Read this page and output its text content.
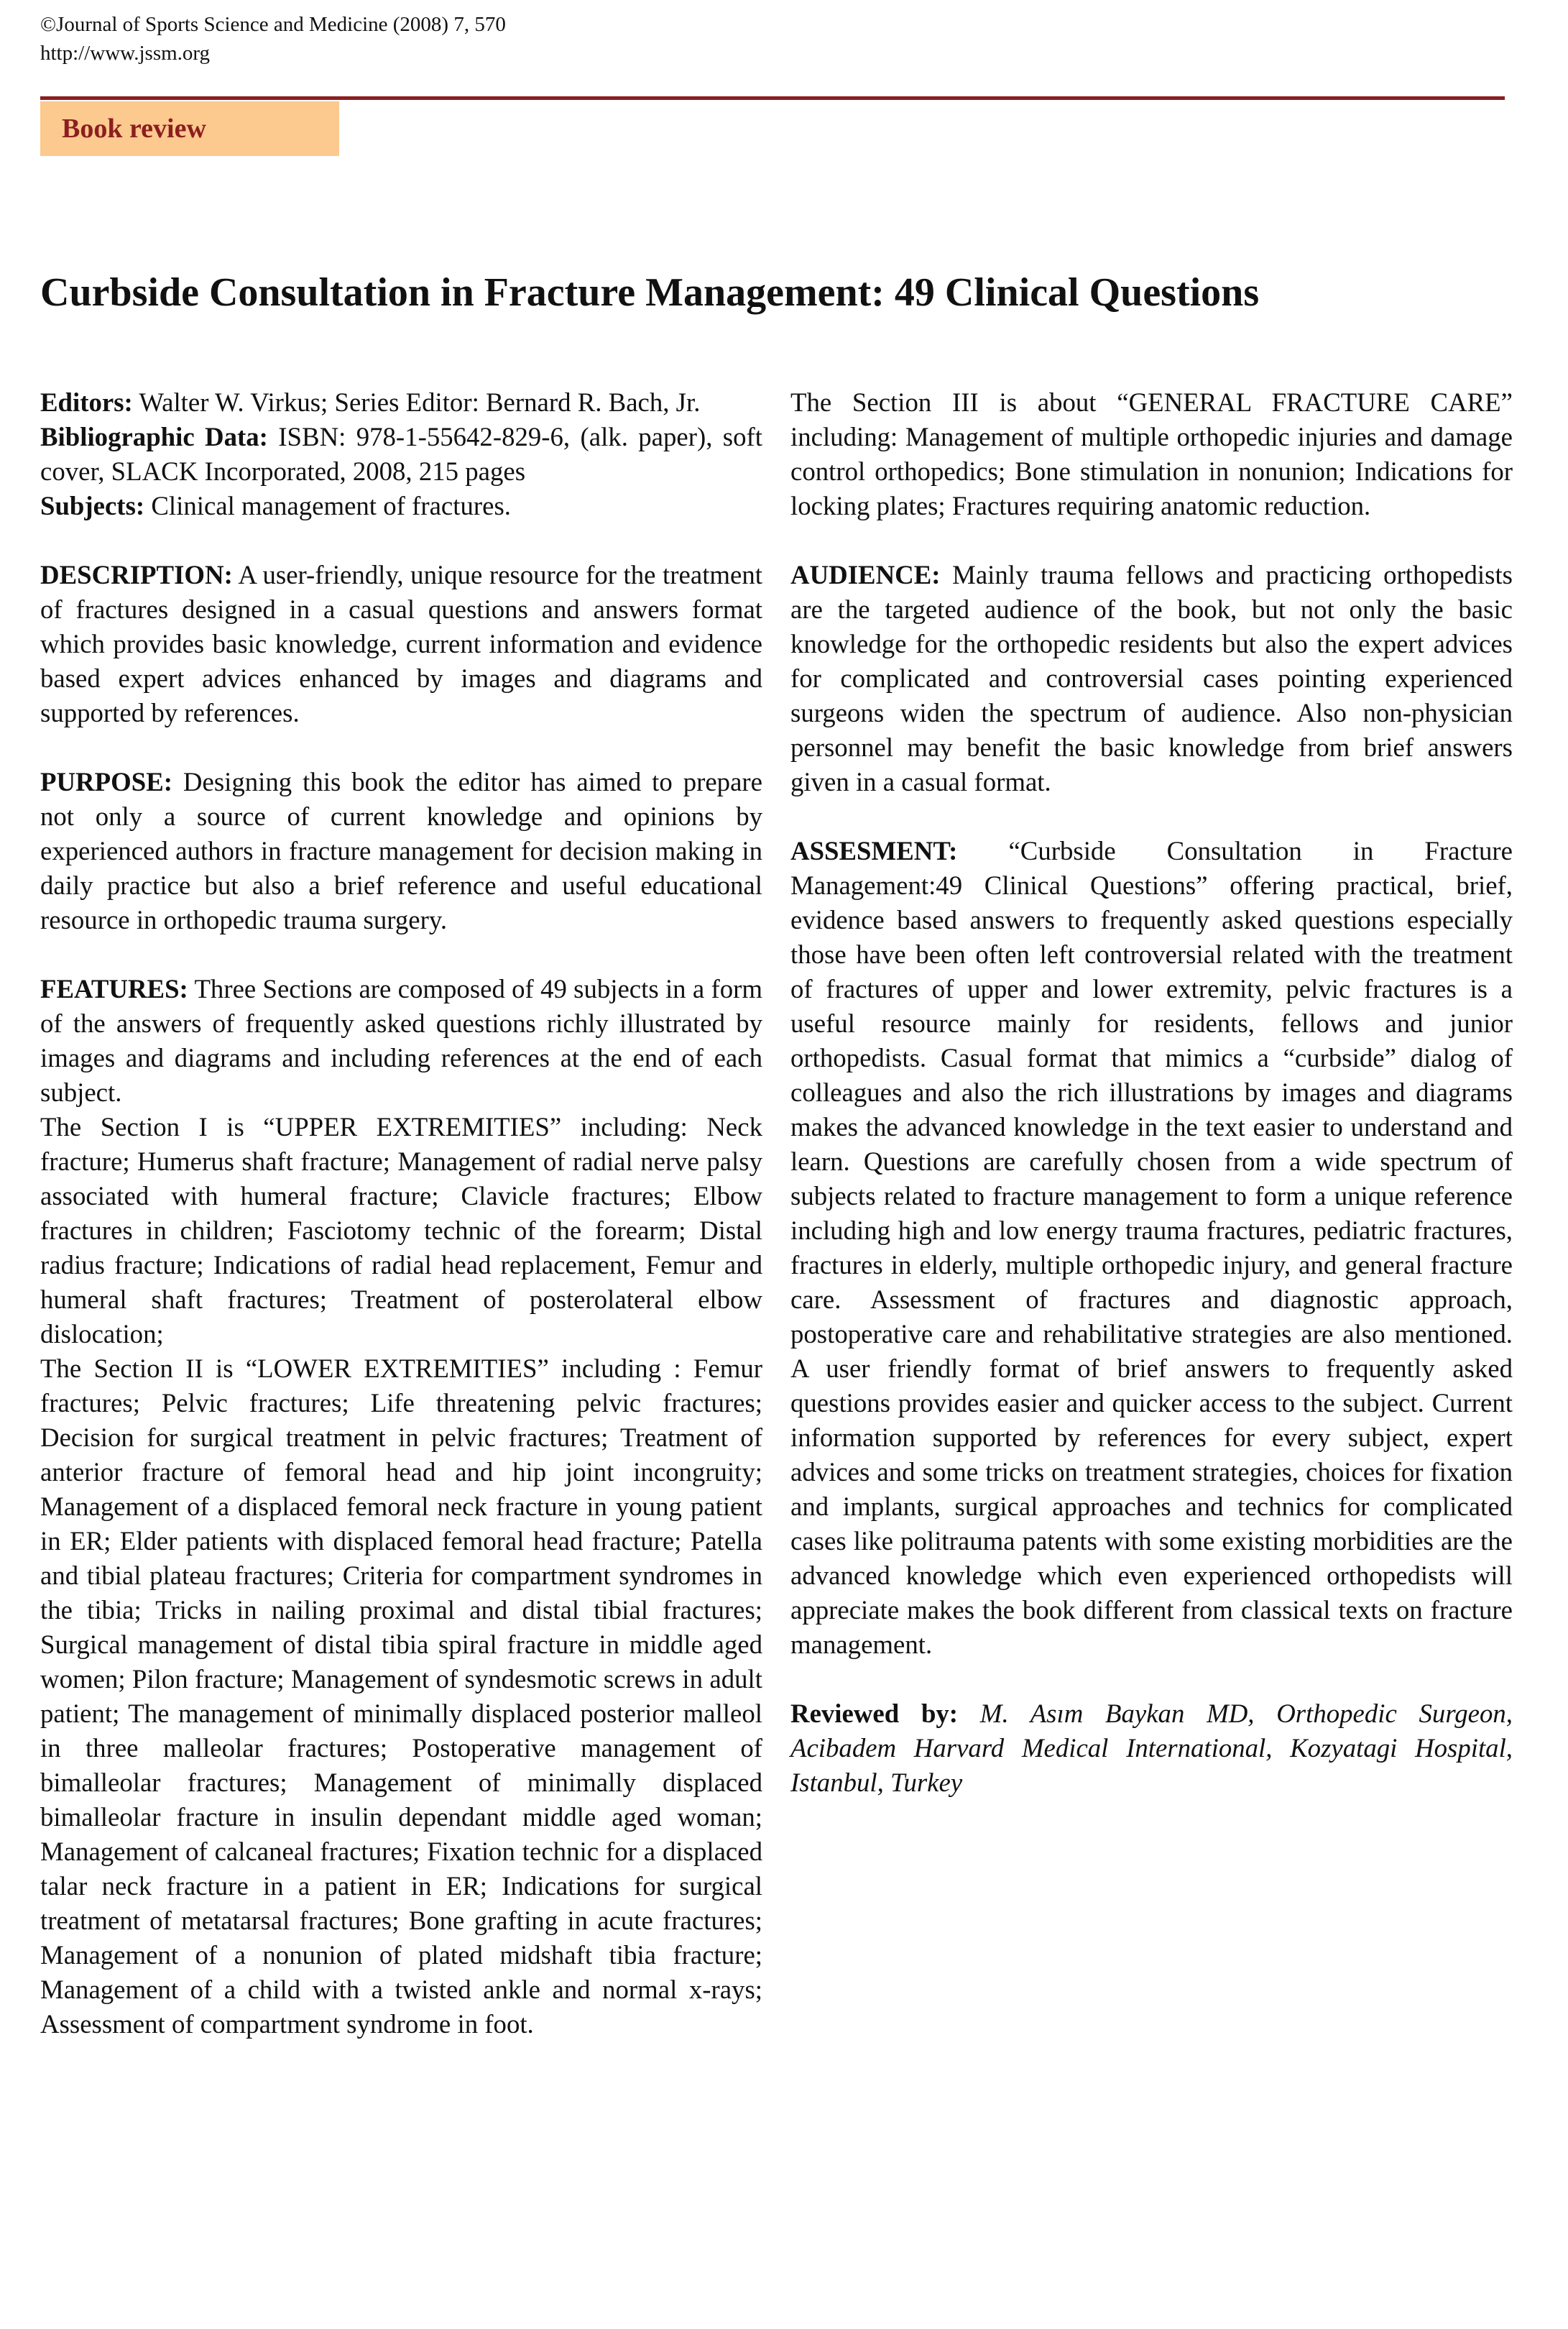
©Journal of Sports Science and Medicine (2008) 7, 570
http://www.jssm.org
Book review
Curbside Consultation in Fracture Management: 49 Clinical Questions

Editors: Walter W. Virkus; Series Editor: Bernard R. Bach, Jr.

Bibliographic Data: ISBN: 978-1-55642-829-6, (alk. paper), soft cover, SLACK Incorporated, 2008, 215 pages

Subjects: Clinical management of fractures.

DESCRIPTION: A user-friendly, unique resource for the treatment of fractures designed in a casual questions and answers format which provides basic knowledge, current information and evidence based expert advices enhanced by images and diagrams and supported by references.

PURPOSE: Designing this book the editor has aimed to prepare not only a source of current knowledge and opinions by experienced authors in fracture management for decision making in daily practice but also a brief reference and useful educational resource in orthopedic trauma surgery.

FEATURES: Three Sections are composed of 49 subjects in a form of the answers of frequently asked questions richly illustrated by images and diagrams and including references at the end of each subject.

The Section I is “UPPER EXTREMITIES” including: Neck fracture; Humerus shaft fracture; Management of radial nerve palsy associated with humeral fracture; Clavicle fractures; Elbow fractures in children; Fasciotomy technic of the forearm; Distal radius fracture; Indications of radial head replacement, Femur and humeral shaft fractures; Treatment of posterolateral elbow dislocation;

The Section II is “LOWER EXTREMITIES” including : Femur fractures; Pelvic fractures; Life threatening pelvic fractures; Decision for surgical treatment in pelvic fractures; Treatment of anterior fracture of femoral head and hip joint incongruity; Management of a displaced femoral neck fracture in young patient in ER; Elder patients with displaced femoral head fracture; Patella and tibial plateau fractures; Criteria for compartment syndromes in the tibia; Tricks in nailing proximal and distal tibial fractures; Surgical management of distal tibia spiral fracture in middle aged women; Pilon fracture; Management of syndesmotic screws in adult patient; The management of minimally displaced posterior malleol in three malleolar fractures; Postoperative management of bimalleolar fractures; Management of minimally displaced bimalleolar fracture in insulin dependant middle aged woman; Management of calcaneal fractures; Fixation technic for a displaced talar neck fracture in a patient in ER; Indications for surgical treatment of metatarsal fractures; Bone grafting in acute fractures; Management of a nonunion of plated midshaft tibia fracture; Management of a child with a twisted ankle and normal x-rays; Assessment of compartment syndrome in foot.

The Section III is about “GENERAL FRACTURE CARE” including: Management of multiple orthopedic injuries and damage control orthopedics; Bone stimulation in nonunion; Indications for locking plates; Fractures requiring anatomic reduction.

AUDIENCE: Mainly trauma fellows and practicing orthopedists are the targeted audience of the book, but not only the basic knowledge for the orthopedic residents but also the expert advices for complicated and controversial cases pointing experienced surgeons widen the spectrum of audience. Also non-physician personnel may benefit the basic knowledge from brief answers given in a casual format.

ASSESMENT: “Curbside Consultation in Fracture Management:49 Clinical Questions” offering practical, brief, evidence based answers to frequently asked questions especially those have been often left controversial related with the treatment of fractures of upper and lower extremity, pelvic fractures is a useful resource mainly for residents, fellows and junior orthopedists. Casual format that mimics a “curbside” dialog of colleagues and also the rich illustrations by images and diagrams makes the advanced knowledge in the text easier to understand and learn. Questions are carefully chosen from a wide spectrum of subjects related to fracture management to form a unique reference including high and low energy trauma fractures, pediatric fractures, fractures in elderly, multiple orthopedic injury, and general fracture care. Assessment of fractures and diagnostic approach, postoperative care and rehabilitative strategies are also mentioned. A user friendly format of brief answers to frequently asked questions provides easier and quicker access to the subject. Current information supported by references for every subject, expert advices and some tricks on treatment strategies, choices for fixation and implants, surgical approaches and technics for complicated cases like politrauma patents with some existing morbidities are the advanced knowledge which even experienced orthopedists will appreciate makes the book different from classical texts on fracture management.

Reviewed by: M. Asım Baykan MD, Orthopedic Surgeon, Acibadem Harvard Medical International, Kozyatagi Hospital, Istanbul, Turkey
